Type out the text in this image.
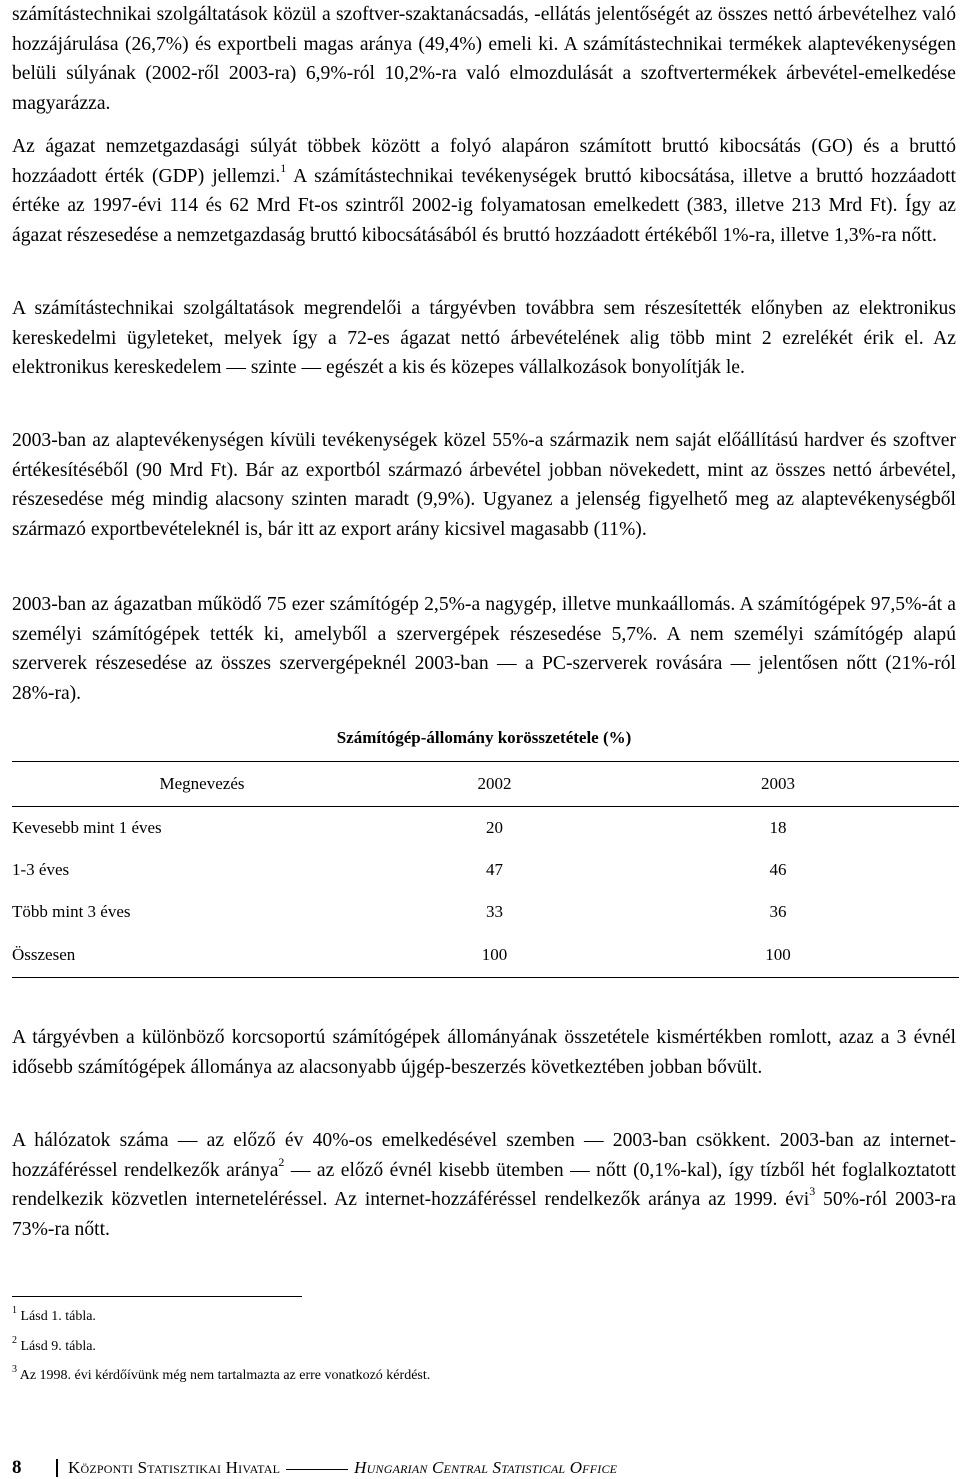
számítástechnikai szolgáltatások közül a szoftver-szaktanácsadás, -ellátás jelentőségét az összes nettó árbevételhez való hozzájárulása (26,7%) és exportbeli magas aránya (49,4%) emeli ki. A számítástechnikai termékek alaptevékenységen belüli súlyának (2002-ről 2003-ra) 6,9%-ról 10,2%-ra való elmozdulását a szoftvertermékek árbevétel-emelkedése magyarázza.

Az ágazat nemzetgazdasági súlyát többek között a folyó alapáron számított bruttó kibocsátás (GO) és a bruttó hozzáadott érték (GDP) jellemzi.$^1$ A számítástechnikai tevékenységek bruttó kibocsátása, illetve a bruttó hozzáadott értéke az 1997-évi 114 és 62 Mrd Ft-os szintről 2002-ig folyamatosan emelkedett (383, illetve 213 Mrd Ft). Így az ágazat részesedése a nemzetgazdaság bruttó kibocsátásából és bruttó hozzáadott értékéből 1%-ra, illetve 1,3%-ra nőtt.

A számítástechnikai szolgáltatások megrendelői a tárgyévben továbbra sem részesítették előnyben az elektronikus kereskedelmi ügyleteket, melyek így a 72-es ágazat nettó árbevételének alig több mint 2 ezrelékét érik el. Az elektronikus kereskedelem — szinte — egészét a kis és közepes vállalkozások bonyolítják le.

2003-ban az alaptevékenységen kívüli tevékenységek közel 55%-a származik nem saját előállítású hardver és szoftver értékesítéséből (90 Mrd Ft). Bár az exportból származó árbevétel jobban növekedett, mint az összes nettó árbevétel, részesedése még mindig alacsony szinten maradt (9,9%). Ugyanez a jelenség figyelhető meg az alaptevékenységből származó exportbevételeknél is, bár itt az export arány kicsivel magasabb (11%).

2003-ban az ágazatban működő 75 ezer számítógép 2,5%-a nagygép, illetve munkaállomás. A számítógépek 97,5%-át a személyi számítógépek tették ki, amelyből a szervergépek részesedése 5,7%. A nem személyi számítógép alapú szerverek részesedése az összes szervergépeknél 2003-ban — a PC-szerverek rovására — jelentősen nőtt (21%-ról 28%-ra).

Számítógép-állomány korösszetétele (%)
Megnevezés	2002	2003
Kevesebb mint 1 éves	20	18
1-3 éves	47	46
Több mint 3 éves	33	36
Összesen	100	100

A tárgyévben a különböző korcsoportú számítógépek állományának összetétele kismértékben romlott, azaz a 3 évnél idősebb számítógépek állománya az alacsonyabb újgép-beszerzés következtében jobban bővült.

A hálózatok száma — az előző év 40%-os emelkedésével szemben — 2003-ban csökkent. 2003-ban az internet-hozzáféréssel rendelkezők aránya$^2$ — az előző évnél kisebb ütemben — nőtt (0,1%-kal), így tízből hét foglalkoztatott rendelkezik közvetlen interneteléréssel. Az internet-hozzáféréssel rendelkezők aránya az 1999. évi$^3$ 50%-ról 2003-ra 73%-ra nőtt.

$^1$ Lásd 1. tábla.
$^2$ Lásd 9. tábla.
$^3$ Az 1998. évi kérdőívünk még nem tartalmazta az erre vonatkozó kérdést.
8	Központi Statisztikai Hivatal	Hungarian Central Statistical Office
